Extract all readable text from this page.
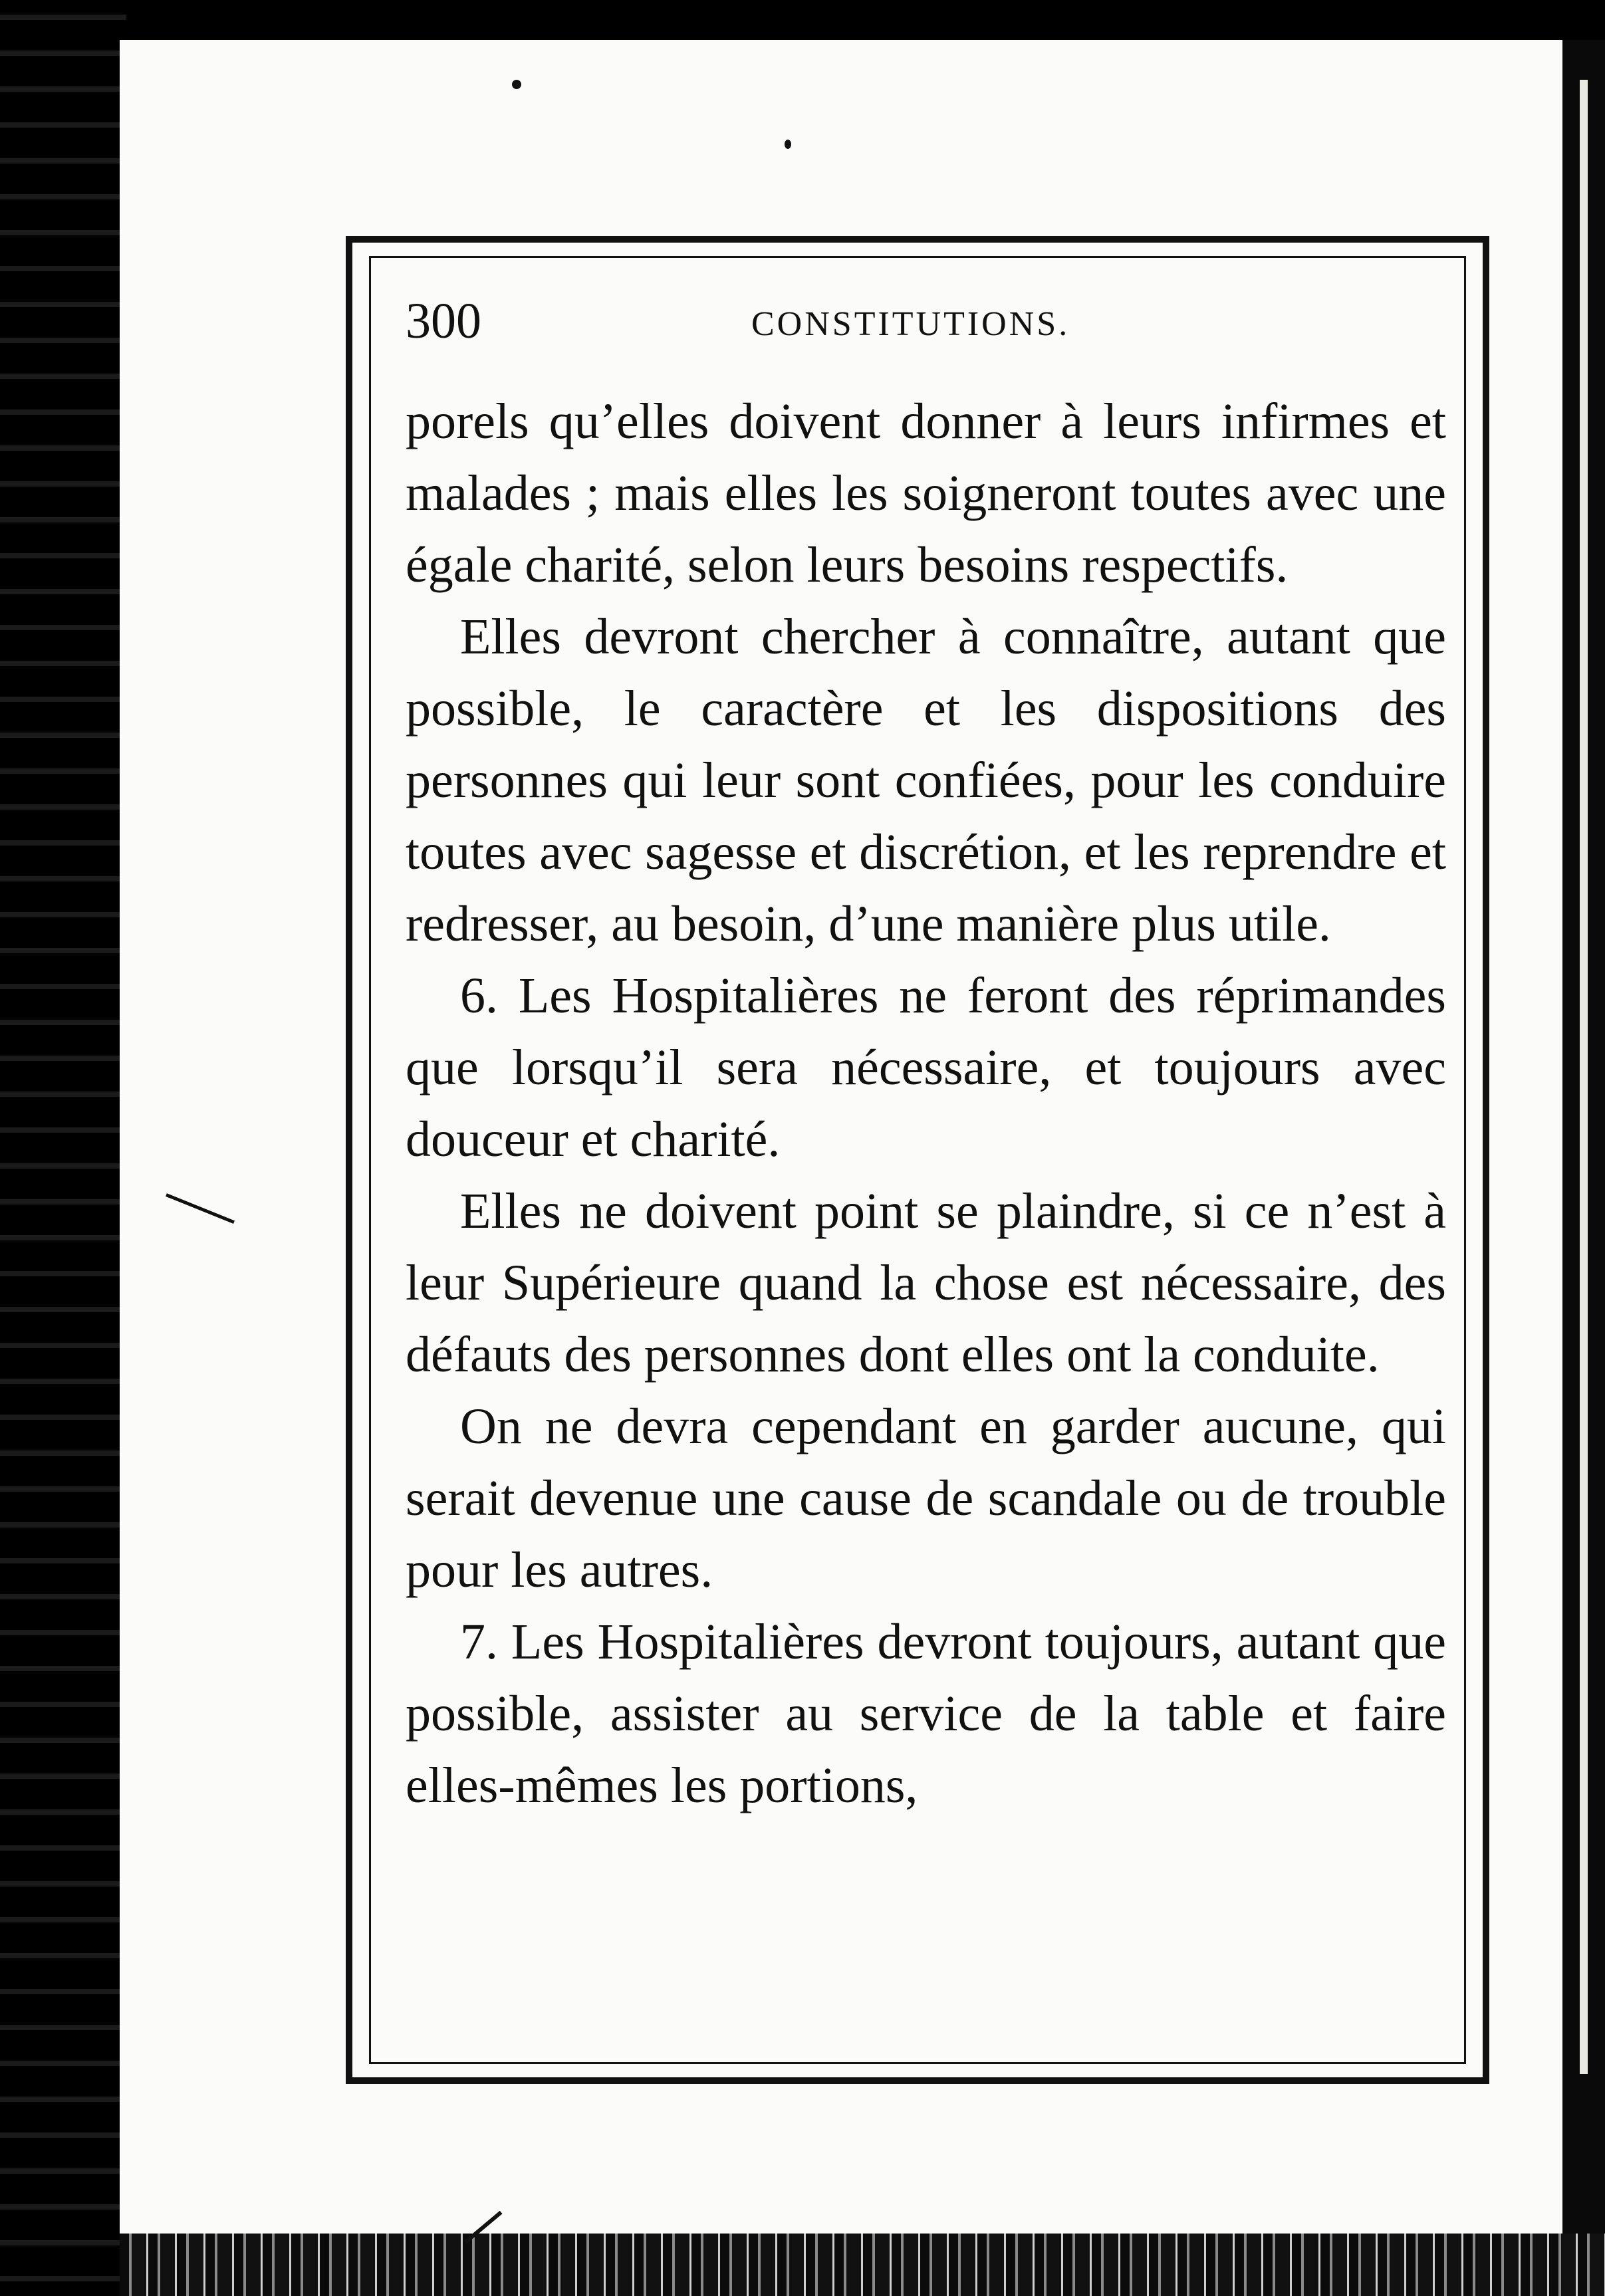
300	CONSTITUTIONS.

porels qu’elles doivent donner à leurs infirmes et malades ; mais elles les soigneront toutes avec une égale charité, selon leurs besoins respectifs.

Elles devront chercher à connaître, autant que possible, le caractère et les dispositions des personnes qui leur sont confiées, pour les conduire toutes avec sagesse et discrétion, et les reprendre et redresser, au besoin, d’une manière plus utile.

6. Les Hospitalières ne feront des réprimandes que lorsqu’il sera nécessaire, et toujours avec douceur et charité.

Elles ne doivent point se plaindre, si ce n’est à leur Supérieure quand la chose est nécessaire, des défauts des personnes dont elles ont la conduite.

On ne devra cependant en garder aucune, qui serait devenue une cause de scandale ou de trouble pour les autres.

7. Les Hospitalières devront toujours, autant que possible, assister au service de la table et faire elles-mêmes les portions,
